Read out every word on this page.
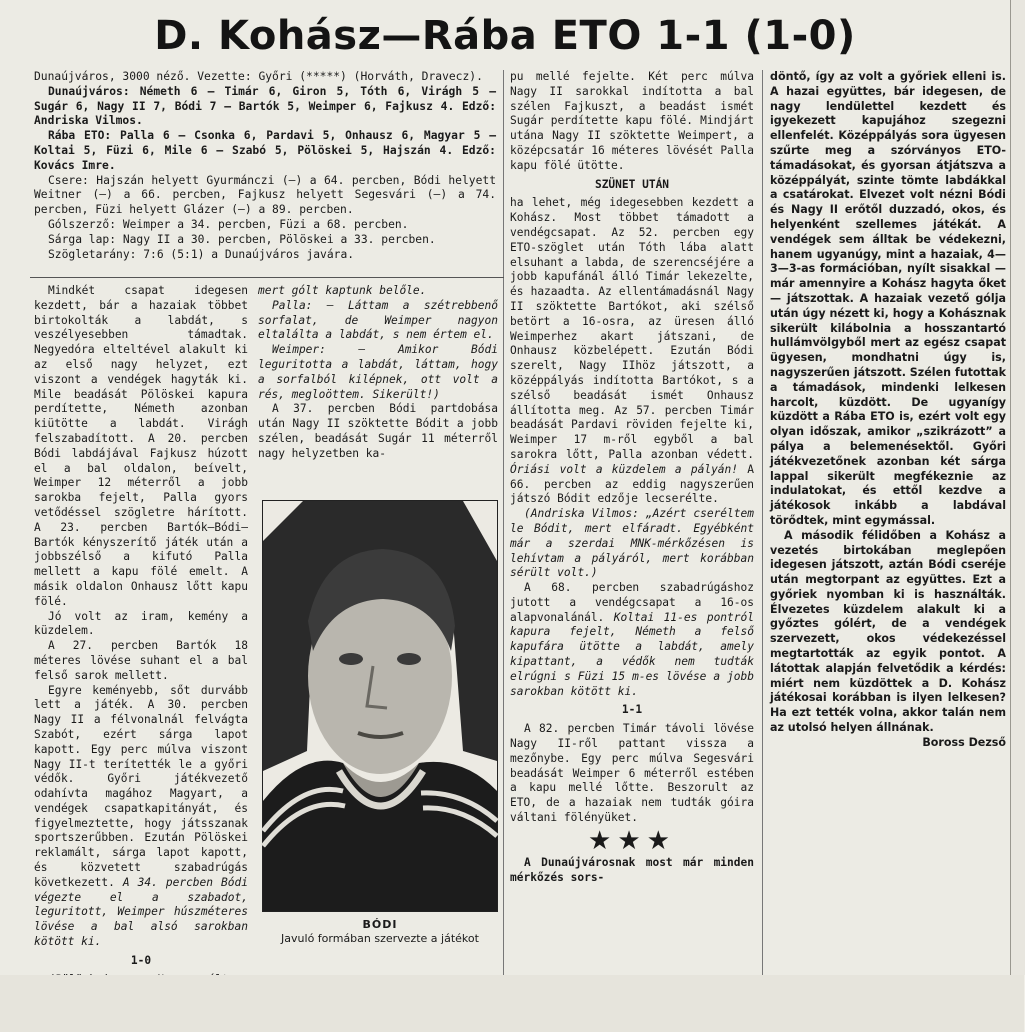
D. Kohász—Rába ETO 1-1 (1-0)

Dunaújváros, 3000 néző. Vezette: Győri (*****) (Horváth, Dravecz).

Dunaújváros: Németh 6 — Timár 6, Giron 5, Tóth 6, Virágh 5 — Sugár 6, Nagy II 7, Bódi 7 — Bartók 5, Weimper 6, Fajkusz 4. Edző: Andriska Vilmos.

Rába ETO: Palla 6 — Csonka 6, Pardavi 5, Onhausz 6, Magyar 5 — Koltai 5, Füzi 6, Mile 6 — Szabó 5, Pölöskei 5, Hajszán 4. Edző: Kovács Imre.

Csere: Hajszán helyett Gyurmánczi (—) a 64. percben, Bódi helyett Weitner (—) a 66. percben, Fajkusz helyett Segesvári (—) a 74. percben, Füzi helyett Glázer (—) a 89. percben.

Gólszerző: Weimper a 34. percben, Füzi a 68. percben.

Sárga lap: Nagy II a 30. percben, Pölöskei a 33. percben.

Szögletarány: 7:6 (5:1) a Dunaújváros javára.

Mindkét csapat idegesen kezdett, bár a hazaiak többet birtokolták a labdát, s veszélyesebben támadtak. Negyedóra elteltével alakult ki az első nagy helyzet, ezt viszont a vendégek hagyták ki. Mile beadását Pölöskei kapura perdítette, Németh azonban kiütötte a labdát. Virágh felszabadított. A 20. percben Bódi labdájával Fajkusz húzott el a bal oldalon, beívelt, Weimper 12 méterről a jobb sarokba fejelt, Palla gyors vetődéssel szögletre hárított. A 23. percben Bartók–Bódi–Bartók kényszerítő játék után a jobbszélső a kifutó Palla mellett a kapu fölé emelt. A másik oldalon Onhausz lőtt kapu fölé.

Jó volt az iram, kemény a küzdelem.

A 27. percben Bartók 18 méteres lövése suhant el a bal felső sarok mellett.

Egyre keményebb, sőt durvább lett a játék. A 30. percben Nagy II a félvonalnál felvágta Szabót, ezért sárga lapot kapott. Egy perc múlva viszont Nagy II-t terítették le a győri védők. Győri játékvezető odahívta magához Magyart, a vendégek csapatkapitányát, és figyelmeztette, hogy játsszanak sportszerűbben. Ezután Pölöskei reklamált, sárga lapot kapott, és közvetett szabadrúgás következett. A 34. percben Bódi végezte el a szabadot, leguritott, Weimper húszméteres lövése a bal alsó sarokban kötött ki.

1-0

mert gólt kaptunk belőle.

Palla: — Láttam a szétrebbenő sorfalat, de Weimper nagyon eltalálta a labdát, s nem értem el.

Weimper: — Amikor Bódi leguritotta a labdát, láttam, hogy a sorfalból kilépnek, ott volt a rés, megloöttem. Sikerült!)

A 37. percben Bódi partdobása után Nagy II szöktette Bódit a jobb szélen, beadását Sugár 11 méterről nagy helyzetben ka-

BÓDI
Javuló formában szervezte a játékot

pu mellé fejelte. Két perc múlva Nagy II sarokkal indította a bal szélen Fajkuszt, a beadást ismét Sugár perdítette kapu fölé. Mindjárt utána Nagy II szöktette Weimpert, a középcsatár 16 méteres lövését Palla kapu fölé ütötte.

SZÜNET UTÁN

ha lehet, még idegesebben kezdett a Kohász. Most többet támadott a vendégcsapat. Az 52. percben egy ETO-szöglet után Tóth lába alatt elsuhant a labda, de szerencséjére a jobb kapufánál álló Timár lekezelte, és hazaadta. Az ellentámadásnál Nagy II szöktette Bartókot, aki szélső betört a 16-osra, az üresen álló Weimperhez akart játszani, de Onhausz közbelépett. Ezután Bódi szerelt, Nagy IIhöz játszott, a középpályás indította Bartókot, s a szélső beadását ismét Onhausz állította meg. Az 57. percben Timár beadását Pardavi röviden fejelte ki, Weimper 17 m-ről egyből a bal sarokra lőtt, Palla azonban védett. Óriási volt a küzdelem a pályán! A 66. percben az eddig nagyszerűen játszó Bódit edzője lecserélte.

(Andriska Vilmos: „Azért cseréltem le Bódit, mert elfáradt. Egyébként már a szerdai MNK-mérkőzésen is lehívtam a pályáról, mert korábban sérült volt.)

A 68. percben szabadrúgáshoz jutott a vendégcsapat a 16-os alapvonalánál. Koltai 11-es pontról kapura fejelt, Németh a felső kapufára ütötte a labdát, amely kipattant, a védők nem tudták elrúgni s Füzi 15 m-es lövése a jobb sarokban kötött ki.

1-1

A 82. percben Timár távoli lövése Nagy II-ről pattant vissza a mezőnybe. Egy perc múlva Segesvári beadását Weimper 6 méterről estében a kapu mellé lőtte. Beszorult az ETO, de a hazaiak nem tudták góira váltani fölényüket.

★★★

A Dunaújvárosnak most már minden mérkőzés sors-

döntő, így az volt a győriek elleni is. A hazai együttes, bár idegesen, de nagy lendülettel kezdett és igyekezett kapujához szegezni ellenfelét. Középpályás sora ügyesen szűrte meg a szórványos ETO-támadásokat, és gyorsan átjátszva a középpályát, szinte tömte labdákkal a csatárokat. Elvezet volt nézni Bódi és Nagy II erőtől duzzadó, okos, és helyenként szellemes játékát. A vendégek sem álltak be védekezni, hanem ugyanúgy, mint a hazaiak, 4—3—3-as formációban, nyílt sisakkal — már amennyire a Kohász hagyta őket — játszottak. A hazaiak vezető gólja után úgy nézett ki, hogy a Kohásznak sikerült kilábolnia a hosszantartó hullámvölgyből mert az egész csapat ügyesen, mondhatni úgy is, nagyszerűen játszott. Szélen futottak a támadások, mindenki lelkesen harcolt, küzdött. De ugyanígy küzdött a Rába ETO is, ezért volt egy olyan időszak, amikor „szikrázott” a pálya a belemenésektől. Győri játékvezetőnek azonban két sárga lappal sikerült megfékeznie az indulatokat, és ettől kezdve a játékosok inkább a labdával törődtek, mint egymással.

A második félidőben a Kohász a vezetés birtokában meglepően idegesen játszott, aztán Bódi cseréje után megtorpant az együttes. Ezt a győriek nyomban ki is használták. Élvezetes küzdelem alakult ki a győztes gólért, de a vendégek szervezett, okos védekezéssel megtartották az egyik pontot. A látottak alapján felvetődik a kérdés: miért nem küzdöttek a D. Kohász játékosai korábban is ilyen lelkesen? Ha ezt tették volna, akkor talán nem az utolsó helyen állnának.

Boross Dezső
